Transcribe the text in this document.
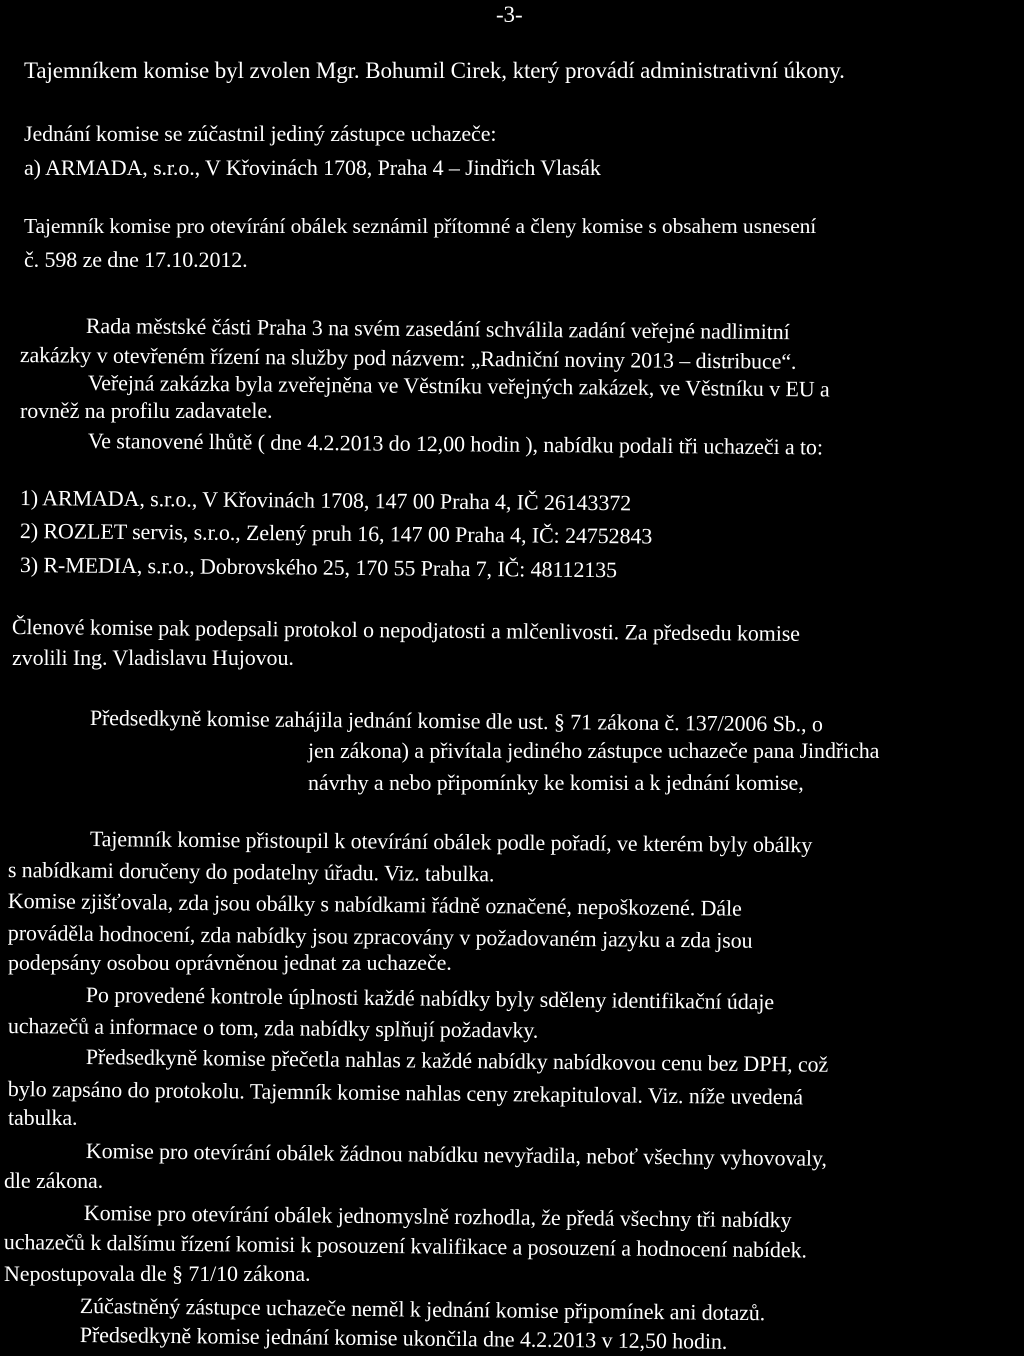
-3-
Tajemníkem komise byl zvolen Mgr. Bohumil Cirek, který provádí administrativní úkony.
Jednání komise se zúčastnil jediný zástupce uchazeče:
a) ARMADA, s.r.o., V Křovinách 1708, Praha 4 – Jindřich Vlasák
Tajemník komise pro otevírání obálek seznámil přítomné a členy komise s obsahem usnesení
č. 598 ze dne 17.10.2012.
Rada městské části Praha 3 na svém zasedání schválila zadání veřejné nadlimitní
zakázky v otevřeném řízení na služby pod názvem: „Radniční noviny 2013 – distribuce“.
Veřejná zakázka byla zveřejněna ve Věstníku veřejných zakázek, ve Věstníku v EU a
rovněž na profilu zadavatele.
Ve stanovené lhůtě ( dne 4.2.2013 do 12,00 hodin ), nabídku podali tři uchazeči a to:
1) ARMADA, s.r.o., V Křovinách 1708, 147 00 Praha 4, IČ 26143372
2) ROZLET servis, s.r.o., Zelený pruh 16, 147 00 Praha 4, IČ: 24752843
3) R-MEDIA, s.r.o., Dobrovského 25, 170 55 Praha 7, IČ: 48112135
Členové komise pak podepsali protokol o nepodjatosti a mlčenlivosti. Za předsedu komise
zvolili Ing. Vladislavu Hujovou.
Předsedkyně komise zahájila jednání komise dle ust. § 71 zákona č. 137/2006 Sb., o
jen zákona) a přivítala jediného zástupce uchazeče pana Jindřicha
návrhy a nebo připomínky ke komisi a k jednání komise,
Tajemník komise přistoupil k otevírání obálek podle pořadí, ve kterém byly obálky
s nabídkami doručeny do podatelny úřadu. Viz. tabulka.
Komise zjišťovala, zda jsou obálky s nabídkami řádně označené, nepoškozené. Dále
prováděla hodnocení, zda nabídky jsou zpracovány v požadovaném jazyku a zda jsou
podepsány osobou oprávněnou jednat za uchazeče.
Po provedené kontrole úplnosti každé nabídky byly sděleny identifikační údaje
uchazečů a informace o tom, zda nabídky splňují požadavky.
Předsedkyně komise přečetla nahlas z každé nabídky nabídkovou cenu bez DPH, což
bylo zapsáno do protokolu. Tajemník komise nahlas ceny zrekapituloval. Viz. níže uvedená
tabulka.
Komise pro otevírání obálek žádnou nabídku nevyřadila, neboť všechny vyhovovaly,
dle zákona.
Komise pro otevírání obálek jednomyslně rozhodla, že předá všechny tři nabídky
uchazečů k dalšímu řízení komisi k posouzení kvalifikace a posouzení a hodnocení nabídek.
Nepostupovala dle § 71/10 zákona.
Zúčastněný zástupce uchazeče neměl k jednání komise připomínek ani dotazů.
Předsedkyně komise jednání komise ukončila dne 4.2.2013 v 12,50 hodin.
